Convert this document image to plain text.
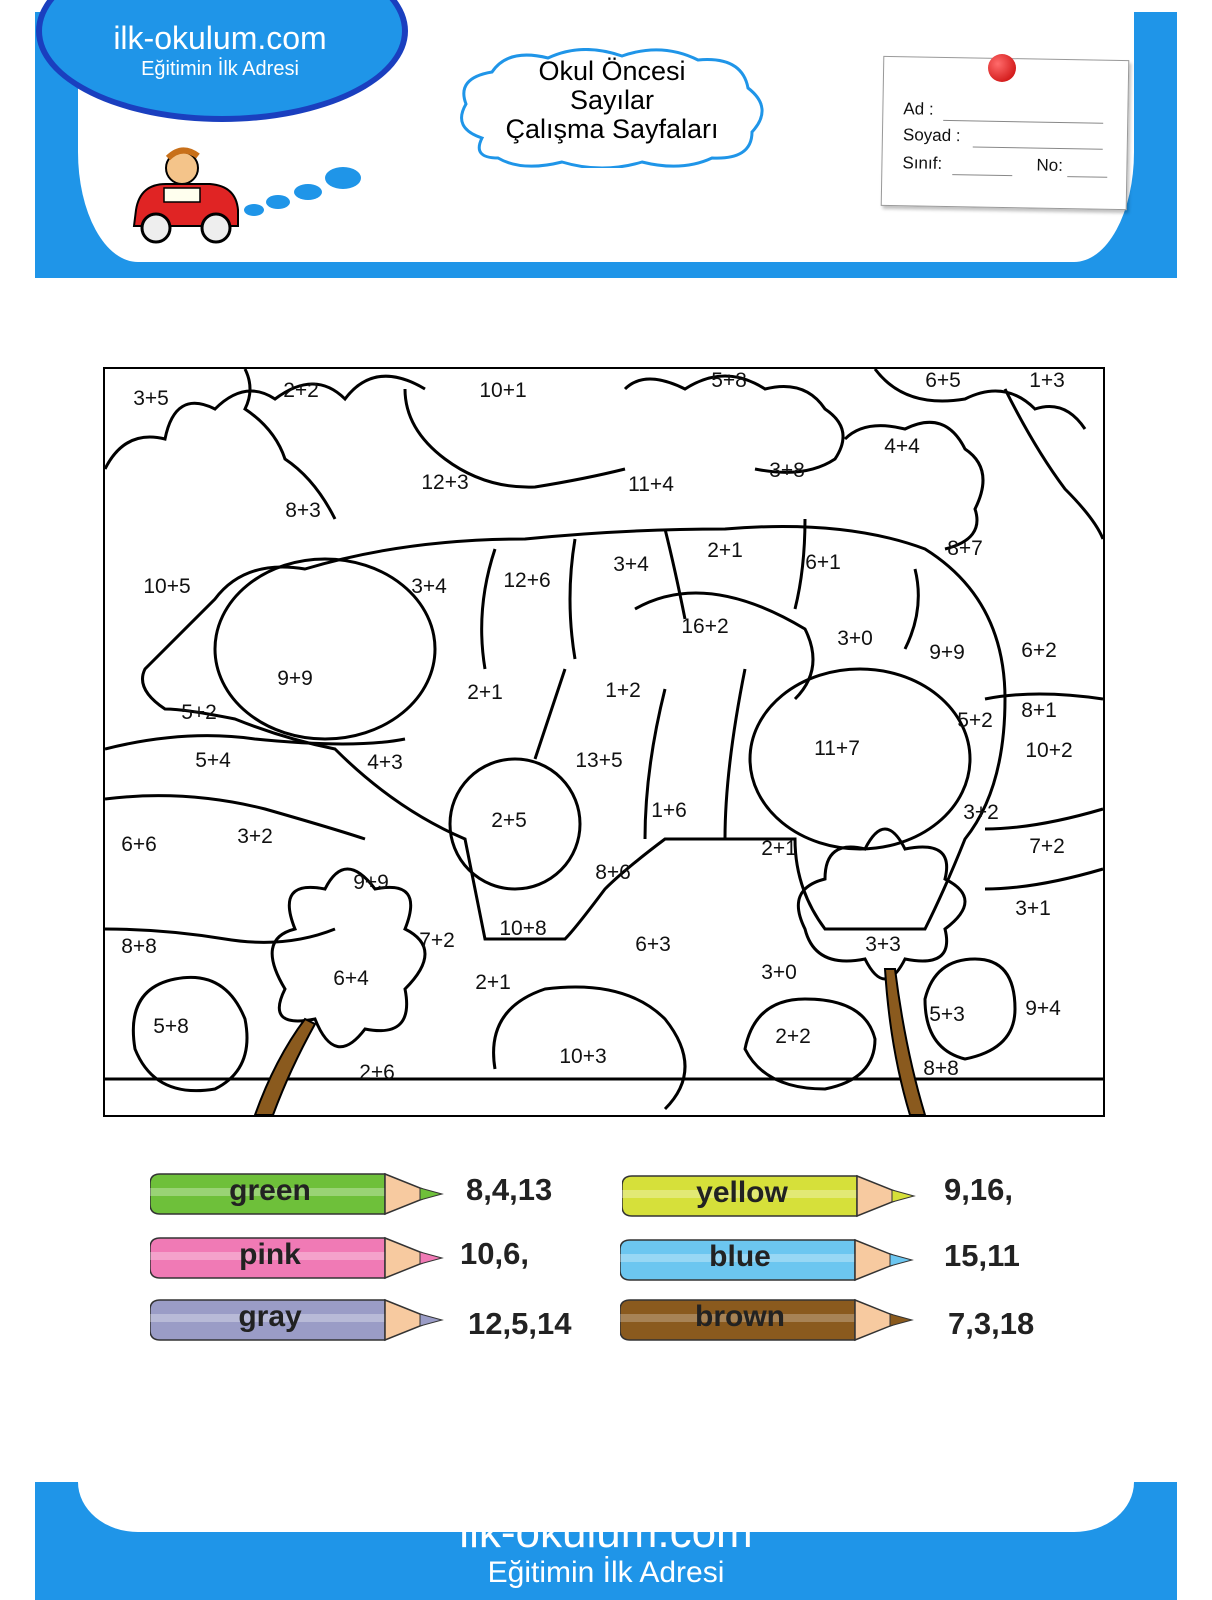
ilk-okulum.com
Eğitimin İlk Adresi	Okul Öncesi
Sayılar
Çalışma Sayfaları
Ad :
Soyad :
Sınıf:	No:
3+5	2+2	10+1	5+8	6+5	1+3
4+4
12+3	11+4
3+8
8+3
3+4	12+6
3+4
2+1
6+1
8+7
10+5
16+2
3+0
9+9	6+2
9+9
2+1	1+2
5+2	8+1
5+2
11+7	10+2
5+4	4+3	13+5
1+6	3+2
6+6	3+2
2+5
2+1	7+2
9+9	8+6
3+1
8+8	7+2
10+8
6+3	3+3
6+4	2+1	3+0
5+3	9+4
5+8	2+2
2+6
10+3
8+8
green	8,4,13	yellow	9,16,
pink	10,6,	blue	15,11
gray	12,5,14	brown	7,3,18
ilk-okulum.com
Eğitimin İlk Adresi
